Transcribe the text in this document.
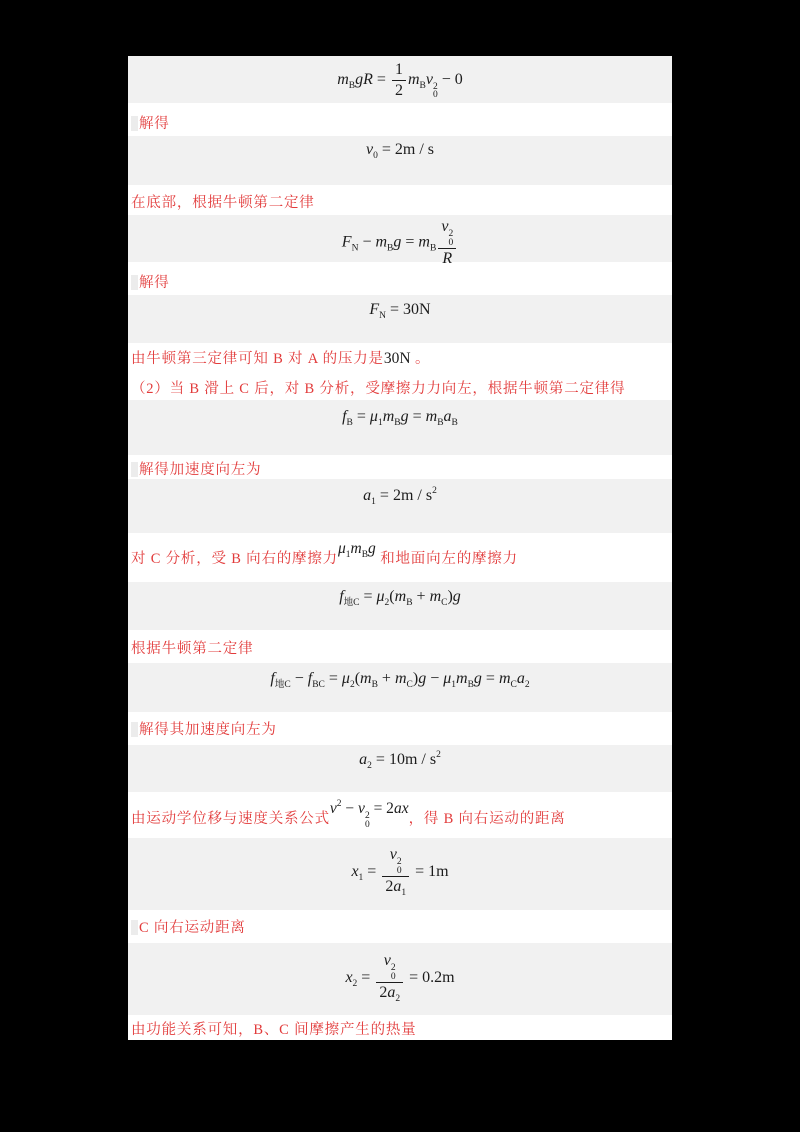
$m_BgR = \frac{1}{2} m_Bv$ 2
0
− 0
解得
$v_0 = 2m / s$
在底部，根据牛顿第二定律
$F_N - m_Bg = m_B$ v 2
0
R
解得
$F_N = 30N$
由牛顿第三定律可知 B 对 A 的压力是30N 。
（2）当 B 滑上 C 后，对 B 分析，受摩擦力力向左，根据牛顿第二定律得
$f_B = \mu_1m_Bg = m_Ba_B$
解得加速度向左为
$a_1 = 2m / s^2$
对 C 分析，受 B 向右的摩擦力$\mu_1m_Bg$ 和地面向左的摩擦力
$f_{地C} = \mu_2(m_B + m_C)g$
根据牛顿第二定律
$f_{地C} - f_{BC} = \mu_2(m_B + m_C)g - \mu_1m_Bg = m_Ca_2$
解得其加速度向左为
$a_2 = 10m / s^2$
由运动学位移与速度关系公式$v^2 - v$ 2
0
= 2ax，得 B 向右运动的距离
$x_1 = v$ 2
0
$2a_1 = 1m$
C 向右运动距离
$x_2 = v$ 2
0
$2a_2 = 0.2m$
由功能关系可知，B、C 间摩擦产生的热量
